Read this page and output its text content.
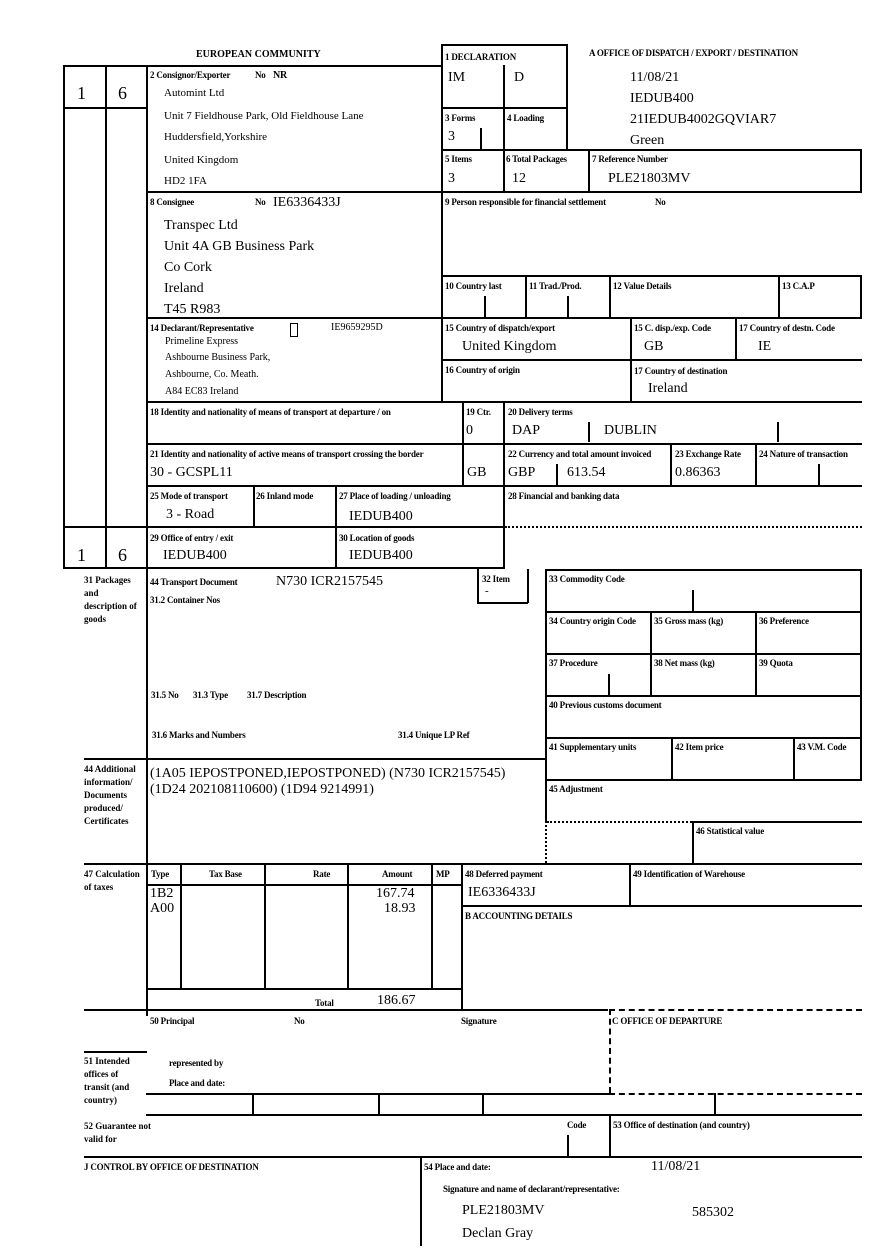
EUROPEAN COMMUNITY	A OFFICE OF DISPATCH / EXPORT / DESTINATION
11/08/21
IEDUB400
21IEDUB4002GQVIAR7
Green
1 6
1 6
1 DECLARATION
IM	D
2 Consignor/Exporter	No NR
Automint Ltd
Unit 7 Fieldhouse Park, Old Fieldhouse Lane
Huddersfield,Yorkshire
United Kingdom
HD2 1FA
3 Forms
3
4 Loading
5 Items
3
6 Total Packages
12
7 Reference Number
PLE21803MV
8 Consignee	No IE6336433J
Transpec Ltd
Unit 4A GB Business Park
Co Cork
Ireland
T45 R983
9 Person responsible for financial settlement	No
10 Country last	11 Trad./Prod.	12 Value Details	13 C.A.P
14 Declarant/Representative	IE9659295D
Primeline Express
Ashbourne Business Park,
Ashbourne, Co. Meath.
A84 EC83 Ireland
15 Country of dispatch/export
United Kingdom
15 C. disp./exp. Code
GB
17 Country of destn. Code
IE
16 Country of origin	17 Country of destination
Ireland
18 Identity and nationality of means of transport at departure / on	19 Ctr.
0
20 Delivery terms
DAP	DUBLIN
21 Identity and nationality of active means of transport crossing the border
30 - GCSPL11	GB
22 Currency and total amount invoiced
GBP 613.54
23 Exchange Rate
0.86363
24 Nature of transaction
25 Mode of transport
3 - Road
26 Inland mode	27 Place of loading / unloading
IEDUB400
28 Financial and banking data
29 Office of entry / exit
IEDUB400
30 Location of goods
IEDUB400
31 Packages and description of goods
44 Transport Document	N730 ICR2157545
31.2 Container Nos
31.5 No 31.3 Type 31.7 Description
31.6 Marks and Numbers	31.4 Unique LP Ref
32 Item
-
33 Commodity Code
34 Country origin Code 35 Gross mass (kg)	36 Preference
37 Procedure	38 Net mass (kg)	39 Quota
40 Previous customs document
41 Supplementary units	42 Item price	43 V.M. Code
44 Additional information/ Documents produced/ Certificates
(1A05 IEPOSTPONED,IEPOSTPONED) (N730 ICR2157545)
(1D24 202108110600) (1D94 9214991)	45 Adjustment
46 Statistical value
47 Calculation of taxes
Type	Tax Base	Rate	Amount	MP
1B2	167.74
A00	18.93
Total	186.67
48 Deferred payment
IE6336433J
49 Identification of Warehouse
B ACCOUNTING DETAILS
50 Principal	No	Signature
represented by
Place and date:
C OFFICE OF DEPARTURE
51 Intended offices of transit (and country)
52 Guarantee not valid for
Code	53 Office of destination (and country)
J CONTROL BY OFFICE OF DESTINATION	54 Place and date:	11/08/21
Signature and name of declarant/representative:
PLE21803MV	585302
Declan Gray
